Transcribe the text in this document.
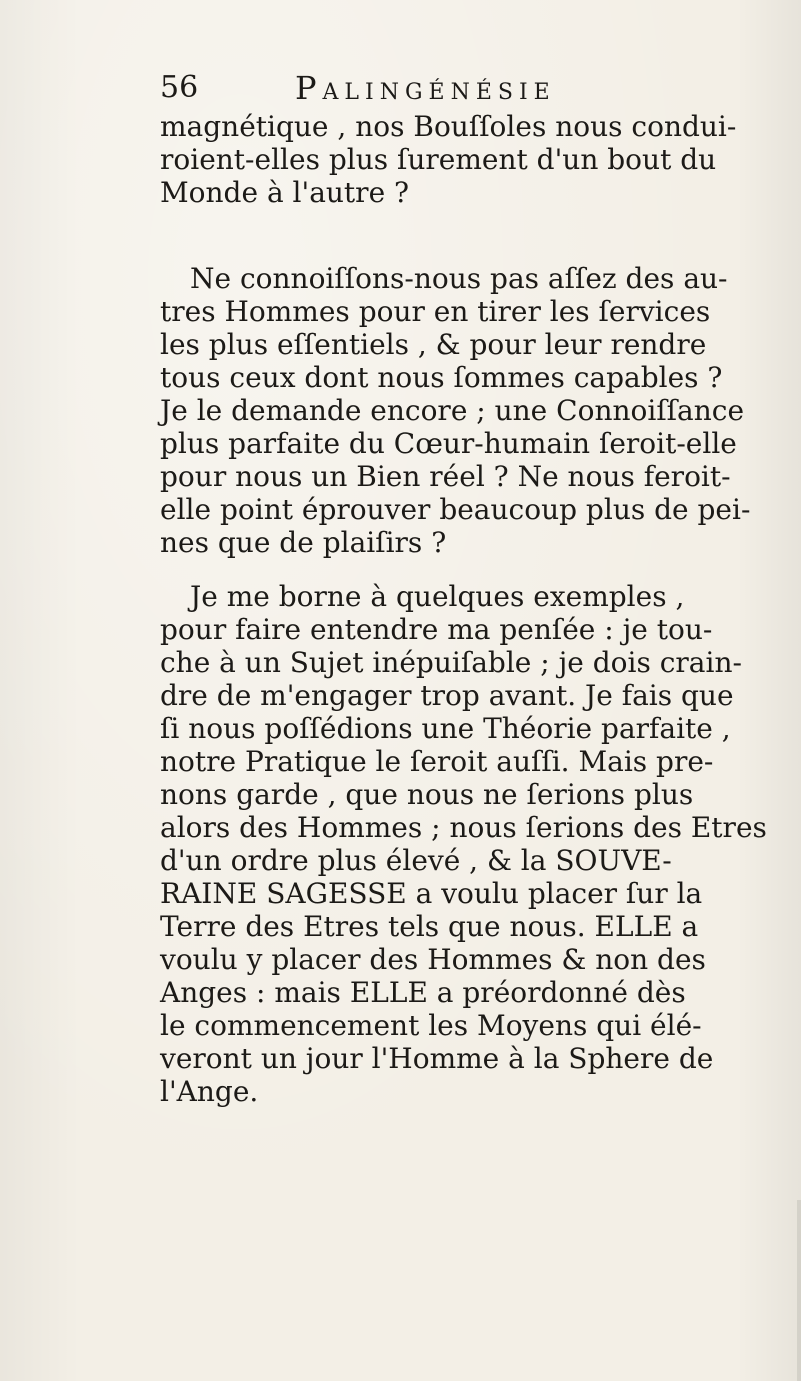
56	Palingénésie
magnétique , nos Bouſſoles nous condui-
roient-elles plus ſurement d'un bout du
Monde à l'autre ?
Ne connoiſſons-nous pas aſſez des au-
tres Hommes pour en tirer les ſervices
les plus eſſentiels , & pour leur rendre
tous ceux dont nous ſommes capables ?
Je le demande encore ; une Connoiſſance
plus parfaite du Cœur-humain ſeroit-elle
pour nous un Bien réel ? Ne nous feroit-
elle point éprouver beaucoup plus de pei-
nes que de plaiſirs ?
Je me borne à quelques exemples ,
pour faire entendre ma penſée : je tou-
che à un Sujet inépuiſable ; je dois crain-
dre de m'engager trop avant. Je fais que
ſi nous poſſédions une Théorie parfaite ,
notre Pratique le ſeroit auſſi. Mais pre-
nons garde , que nous ne ſerions plus
alors des Hommes ; nous ſerions des Etres
d'un ordre plus élevé , & la SOUVE-
RAINE SAGESSE a voulu placer ſur la
Terre des Etres tels que nous. ELLE a
voulu y placer des Hommes & non des
Anges : mais ELLE a préordonné dès
le commencement les Moyens qui élé-
veront un jour l'Homme à la Sphere de
l'Ange.
